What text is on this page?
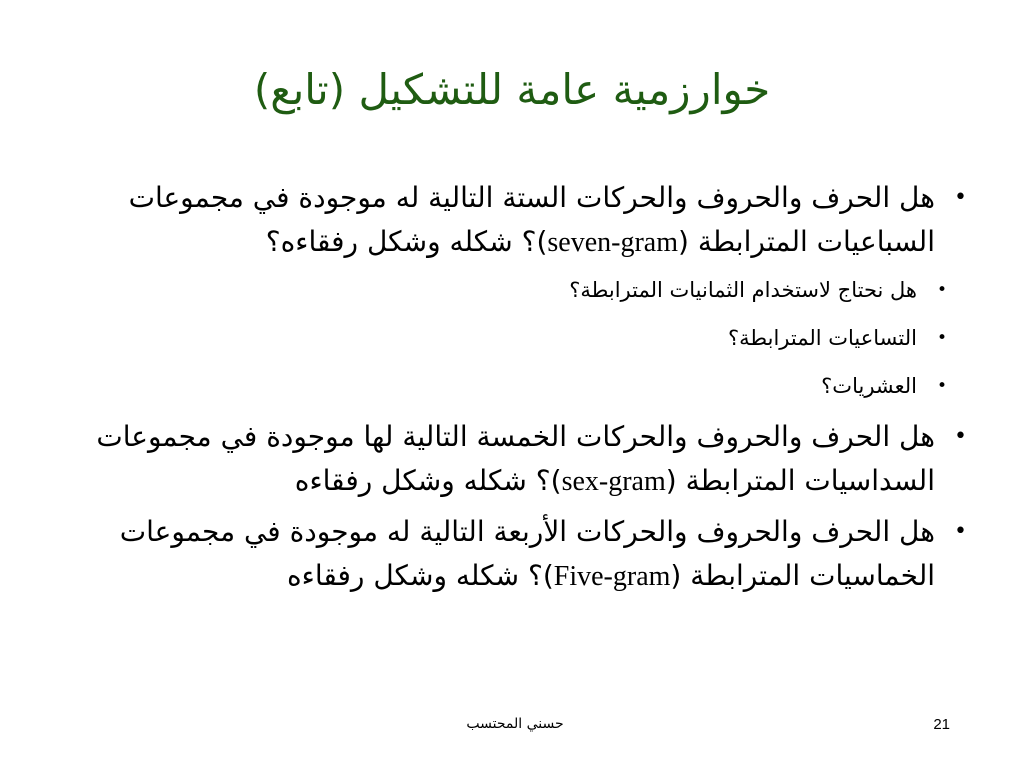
خوارزمية عامة للتشكيل (تابع)
• هل الحرف والحروف والحركات الستة التالية له موجودة في مجموعات السباعيات المترابطة (seven-gram)؟ شكله وشكل رفقاءه؟
• هل نحتاج لاستخدام الثمانيات المترابطة؟
• التساعيات المترابطة؟
• العشريات؟
• هل الحرف والحروف والحركات الخمسة التالية لها موجودة في مجموعات السداسيات المترابطة (sex-gram)؟ شكله وشكل رفقاءه
• هل الحرف والحروف والحركات الأربعة التالية له موجودة في مجموعات الخماسيات المترابطة (Five-gram)؟ شكله وشكل رفقاءه
حسني المحتسب	21
